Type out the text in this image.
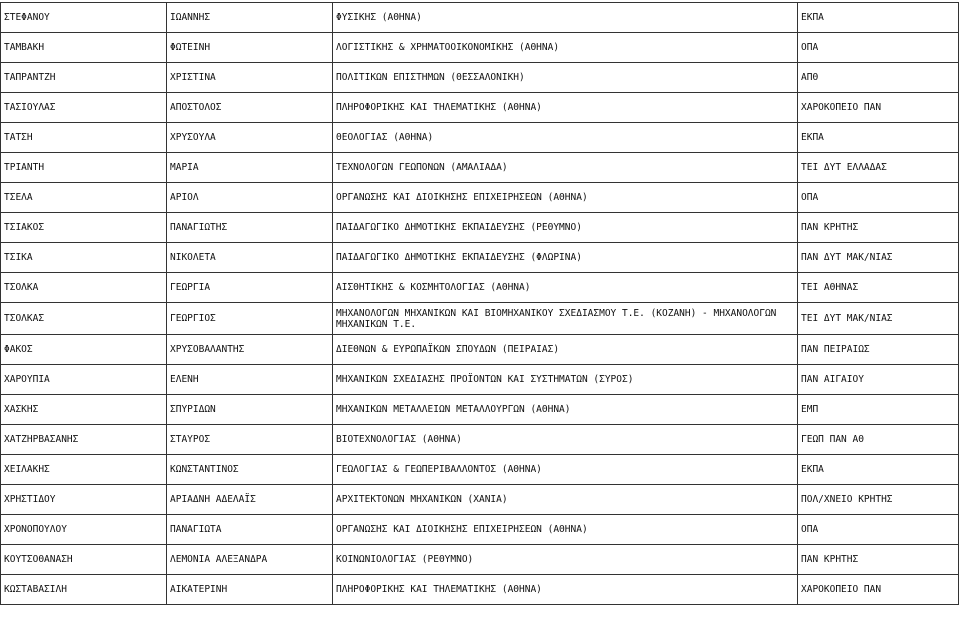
ΣΤΕΦΑΝΟΥ	ΙΩΑΝΝΗΣ	ΦΥΣΙΚΗΣ (ΑΘΗΝΑ)	ΕΚΠΑ
ΤΑΜΒΑΚΗ	ΦΩΤΕΙΝΗ	ΛΟΓΙΣΤΙΚΗΣ & ΧΡΗΜΑΤΟΟΙΚΟΝΟΜΙΚΗΣ (ΑΘΗΝΑ)	ΟΠΑ
ΤΑΠΡΑΝΤΖΗ	ΧΡΙΣΤΙΝΑ	ΠΟΛΙΤΙΚΩΝ ΕΠΙΣΤΗΜΩΝ (ΘΕΣΣΑΛΟΝΙΚΗ)	ΑΠΘ
ΤΑΣΙΟΥΛΑΣ	ΑΠΟΣΤΟΛΟΣ	ΠΛΗΡΟΦΟΡΙΚΗΣ ΚΑΙ ΤΗΛΕΜΑΤΙΚΗΣ (ΑΘΗΝΑ)	ΧΑΡΟΚΟΠΕΙΟ ΠΑΝ
ΤΑΤΣΗ	ΧΡΥΣΟΥΛΑ	ΘΕΟΛΟΓΙΑΣ (ΑΘΗΝΑ)	ΕΚΠΑ
ΤΡΙΑΝΤΗ	ΜΑΡΙΑ	ΤΕΧΝΟΛΟΓΩΝ ΓΕΩΠΟΝΩΝ (ΑΜΑΛΙΑΔΑ)	ΤΕΙ ΔΥΤ ΕΛΛΑΔΑΣ
ΤΣΕΛΑ	ΑΡΙΟΛ	ΟΡΓΑΝΩΣΗΣ ΚΑΙ ΔΙΟΙΚΗΣΗΣ ΕΠΙΧΕΙΡΗΣΕΩΝ (ΑΘΗΝΑ)	ΟΠΑ
ΤΣΙΑΚΟΣ	ΠΑΝΑΓΙΩΤΗΣ	ΠΑΙΔΑΓΩΓΙΚΟ ΔΗΜΟΤΙΚΗΣ ΕΚΠΑΙΔΕΥΣΗΣ (ΡΕΘΥΜΝΟ)	ΠΑΝ ΚΡΗΤΗΣ
ΤΣΙΚΑ	ΝΙΚΟΛΕΤΑ	ΠΑΙΔΑΓΩΓΙΚΟ ΔΗΜΟΤΙΚΗΣ ΕΚΠΑΙΔΕΥΣΗΣ (ΦΛΩΡΙΝΑ)	ΠΑΝ ΔΥΤ ΜΑΚ/ΝΙΑΣ
ΤΣΟΛΚΑ	ΓΕΩΡΓΙΑ	ΑΙΣΘΗΤΙΚΗΣ & ΚΟΣΜΗΤΟΛΟΓΙΑΣ (ΑΘΗΝΑ)	ΤΕΙ ΑΘΗΝΑΣ
ΤΣΟΛΚΑΣ	ΓΕΩΡΓΙΟΣ	ΜΗΧΑΝΟΛΟΓΩΝ ΜΗΧΑΝΙΚΩΝ ΚΑΙ ΒΙΟΜΗΧΑΝΙΚΟΥ ΣΧΕΔΙΑΣΜΟΥ Τ.Ε. (ΚΟΖΑΝΗ) - ΜΗΧΑΝΟΛΟΓΩΝ ΜΗΧΑΝΙΚΩΝ Τ.Ε.	ΤΕΙ ΔΥΤ ΜΑΚ/ΝΙΑΣ
ΦΑΚΟΣ	ΧΡΥΣΟΒΑΛΑΝΤΗΣ	ΔΙΕΘΝΩΝ & ΕΥΡΩΠΑΪΚΩΝ ΣΠΟΥΔΩΝ (ΠΕΙΡΑΙΑΣ)	ΠΑΝ ΠΕΙΡΑΙΩΣ
ΧΑΡΟΥΠΙΑ	ΕΛΕΝΗ	ΜΗΧΑΝΙΚΩΝ ΣΧΕΔΙΑΣΗΣ ΠΡΟΪΟΝΤΩΝ ΚΑΙ ΣΥΣΤΗΜΑΤΩΝ (ΣΥΡΟΣ)	ΠΑΝ ΑΙΓΑΙΟΥ
ΧΑΣΚΗΣ	ΣΠΥΡΙΔΩΝ	ΜΗΧΑΝΙΚΩΝ ΜΕΤΑΛΛΕΙΩΝ ΜΕΤΑΛΛΟΥΡΓΩΝ (ΑΘΗΝΑ)	ΕΜΠ
ΧΑΤΖΗΡΒΑΣΑΝΗΣ	ΣΤΑΥΡΟΣ	ΒΙΟΤΕΧΝΟΛΟΓΙΑΣ (ΑΘΗΝΑ)	ΓΕΩΠ ΠΑΝ ΑΘ
ΧΕΙΛΑΚΗΣ	ΚΩΝΣΤΑΝΤΙΝΟΣ	ΓΕΩΛΟΓΙΑΣ & ΓΕΩΠΕΡΙΒΑΛΛΟΝΤΟΣ (ΑΘΗΝΑ)	ΕΚΠΑ
ΧΡΗΣΤΙΔΟΥ	ΑΡΙΑΔΝΗ ΑΔΕΛΑΪΣ	ΑΡΧΙΤΕΚΤΟΝΩΝ ΜΗΧΑΝΙΚΩΝ (ΧΑΝΙΑ)	ΠΟΛ/ΧΝΕΙΟ ΚΡΗΤΗΣ
ΧΡΟΝΟΠΟΥΛΟΥ	ΠΑΝΑΓΙΩΤΑ	ΟΡΓΑΝΩΣΗΣ ΚΑΙ ΔΙΟΙΚΗΣΗΣ ΕΠΙΧΕΙΡΗΣΕΩΝ (ΑΘΗΝΑ)	ΟΠΑ
ΚΟΥΤΣΟΘΑΝΑΣΗ	ΛΕΜΟΝΙΑ ΑΛΕΞΑΝΔΡΑ	ΚΟΙΝΩΝΙΟΛΟΓΙΑΣ (ΡΕΘΥΜΝΟ)	ΠΑΝ ΚΡΗΤΗΣ
ΚΩΣΤΑΒΑΣΙΛΗ	ΑΙΚΑΤΕΡΙΝΗ	ΠΛΗΡΟΦΟΡΙΚΗΣ ΚΑΙ ΤΗΛΕΜΑΤΙΚΗΣ (ΑΘΗΝΑ)	ΧΑΡΟΚΟΠΕΙΟ ΠΑΝ
